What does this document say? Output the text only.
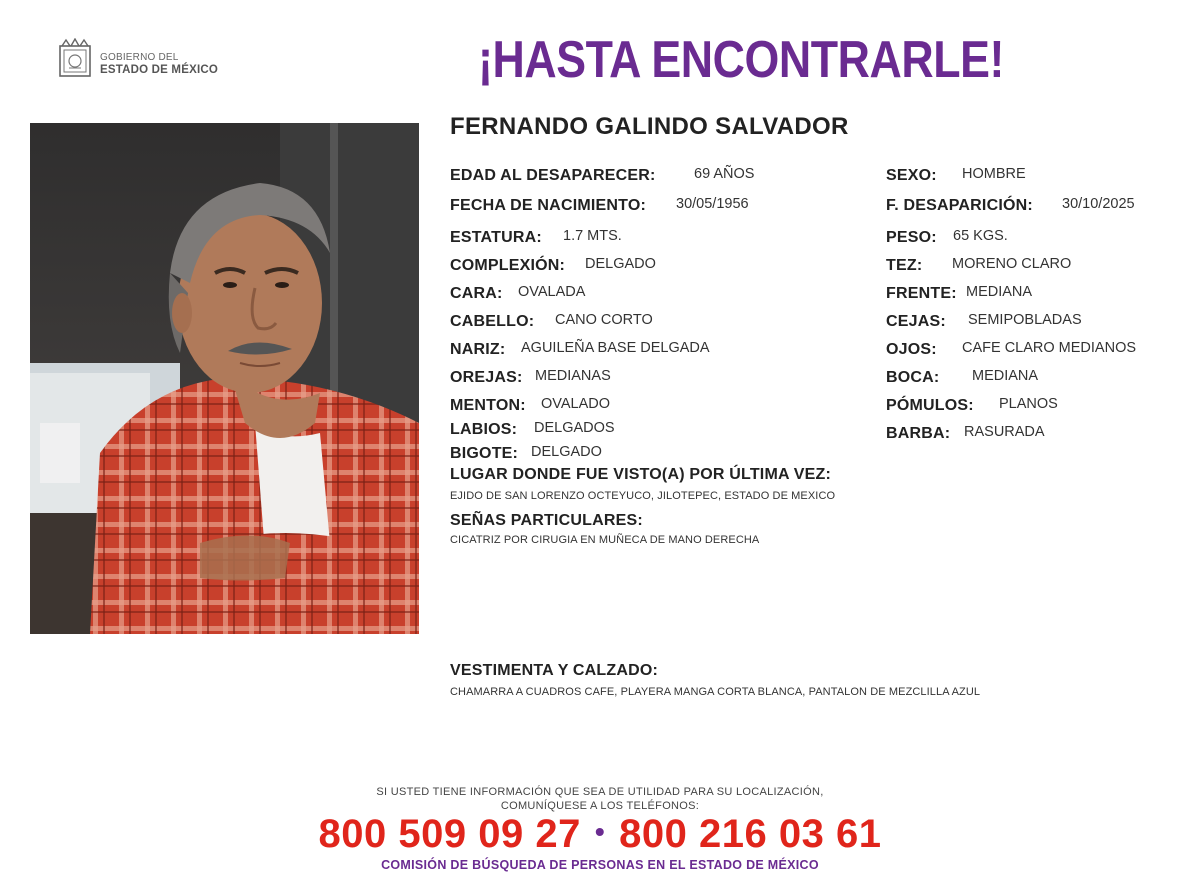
GOBIERNO DEL
ESTADO DE MÉXICO	¡HASTA ENCONTRARLE!
FERNANDO GALINDO SALVADOR
EDAD AL DESAPARECER:	69 AÑOS
FECHA DE NACIMIENTO: 30/05/1956
ESTATURA: 1.7 MTS.
COMPLEXIÓN: DELGADO
CARA: OVALADA
CABELLO: CANO CORTO
NARIZ: AGUILEÑA BASE DELGADA
OREJAS: MEDIANAS
MENTON: OVALADO
LABIOS: DELGADOS
BIGOTE: DELGADO
SEXO: HOMBRE
F. DESAPARICIÓN: 30/10/2025
PESO: 65 KGS.
TEZ: MORENO CLARO
FRENTE: MEDIANA
CEJAS: SEMIPOBLADAS
OJOS: CAFE CLARO MEDIANOS
BOCA: MEDIANA
PÓMULOS: PLANOS
BARBA: RASURADA
LUGAR DONDE FUE VISTO(A) POR ÚLTIMA VEZ:
EJIDO DE SAN LORENZO OCTEYUCO, JILOTEPEC, ESTADO DE MEXICO
SEÑAS PARTICULARES:
CICATRIZ POR CIRUGIA EN MUÑECA DE MANO DERECHA
VESTIMENTA Y CALZADO:
CHAMARRA A CUADROS CAFE, PLAYERA MANGA CORTA BLANCA, PANTALON DE MEZCLILLA AZUL
SI USTED TIENE INFORMACIÓN QUE SEA DE UTILIDAD PARA SU LOCALIZACIÓN,
COMUNÍQUESE A LOS TELÉFONOS:
800 509 09 27 • 800 216 03 61
COMISIÓN DE BÚSQUEDA DE PERSONAS EN EL ESTADO DE MÉXICO
